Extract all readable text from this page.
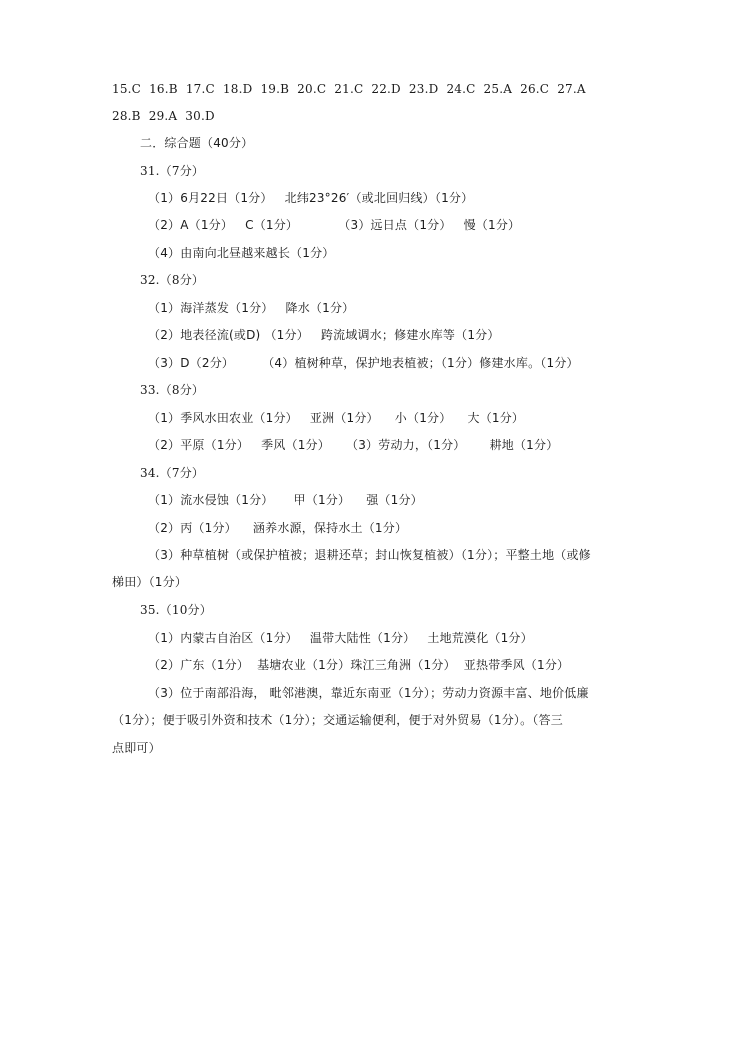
15.C  16.B  17.C  18.D  19.B  20.C  21.C  22.D  23.D  24.C  25.A  26.C  27.A
28.B  29.A  30.D
二．综合题（40分）
31.（7分）
（1）6月22日（1分）   北纬23°26′（或北回归线）（1分）
（2）A（1分）   C（1分）          （3）远日点（1分）   慢（1分）
（4）由南向北昼越来越长（1分）
32.（8分）
（1）海洋蒸发（1分）   降水（1分）
（2）地表径流(或D) （1分）   跨流域调水；修建水库等（1分）
（3）D（2分）       （4）植树种草，保护地表植被；（1分）修建水库。（1分）
33.（8分）
（1）季风水田农业（1分）   亚洲（1分）    小（1分）    大（1分）
（2）平原（1分）   季风（1分）    （3）劳动力，（1分）      耕地（1分）
34.（7分）
（1）流水侵蚀（1分）     甲（1分）    强（1分）
（2）丙（1分）    涵养水源，保持水土（1分）
（3）种草植树（或保护植被；退耕还草；封山恢复植被）（1分）；平整土地（或修
梯田）（1分）
35.（10分）
（1）内蒙古自治区（1分）   温带大陆性（1分）   土地荒漠化（1分）
（2）广东（1分）  基塘农业（1分）珠江三角洲（1分）  亚热带季风（1分）
（3）位于南部沿海， 毗邻港澳，靠近东南亚（1分）；劳动力资源丰富、地价低廉
（1分）；便于吸引外资和技术（1分）；交通运输便利，便于对外贸易（1分）。（答三
点即可）
